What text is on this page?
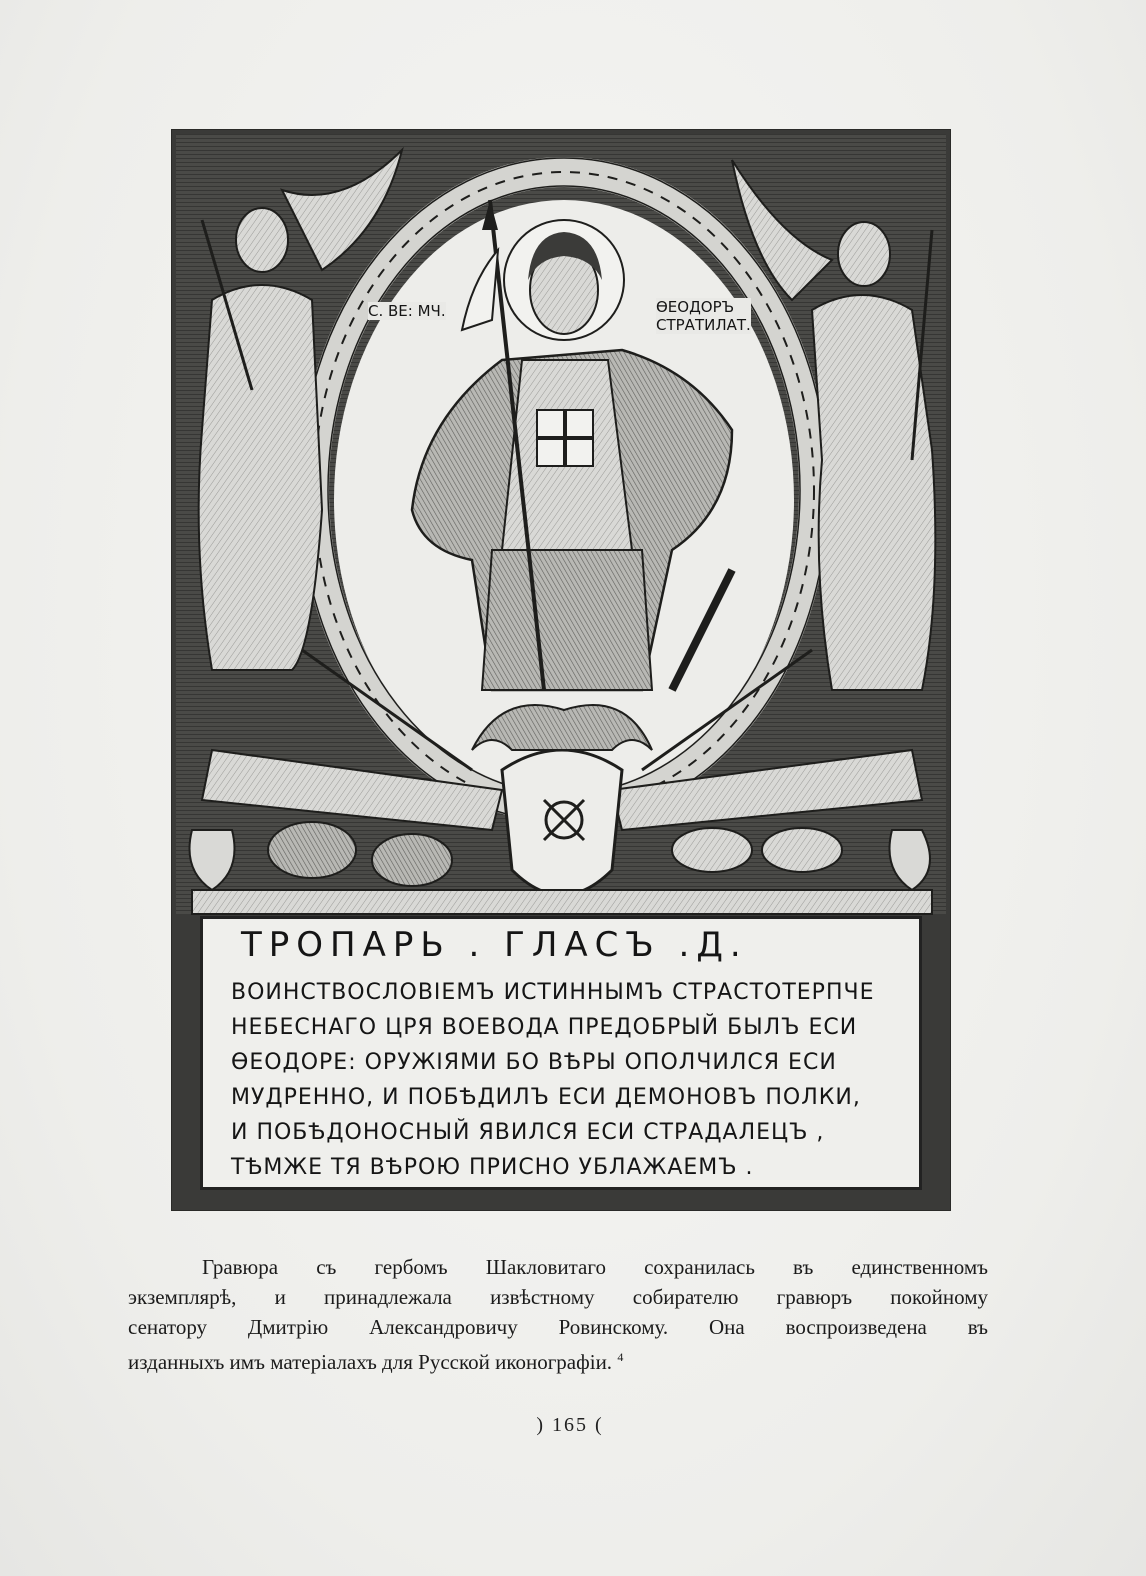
С. ВЕ: МЧ.	ѲЕОДОРЪ
СТРАТИЛАТ.
ТРОПАРЬ . ГЛАСЪ .Д.
ВОИНСТВОСЛОВІЕМЪ ИСТИННЫМЪ СТРАСТОТЕРПЧЕ
НЕБЕСНАГО ЦРЯ ВОЕВОДА ПРЕДОБРЫЙ БЫЛЪ ЕСИ
ѲЕОДОРЕ: ОРУЖІЯМИ БО ВѢРЫ ОПОЛЧИЛСЯ ЕСИ
МУДРЕННО, И ПОБѢДИЛЪ ЕСИ ДЕМОНОВЪ ПОЛКИ,
И ПОБѢДОНОСНЫЙ ЯВИЛСЯ ЕСИ СТРАДАЛЕЦЪ ,
ТѢМЖЕ ТЯ ВѢРОЮ ПРИСНО УБЛАЖАЕМЪ .
Гравюра съ гербомъ Шакловитаго сохранилась въ единственномъ
экземплярѣ, и принадлежала извѣстному собирателю гравюръ покойному
сенатору Дмитрію Александровичу Ровинскому. Она воспроизведена въ
изданныхъ имъ матеріалахъ для Русской иконографіи. $^4$
) 165 (
